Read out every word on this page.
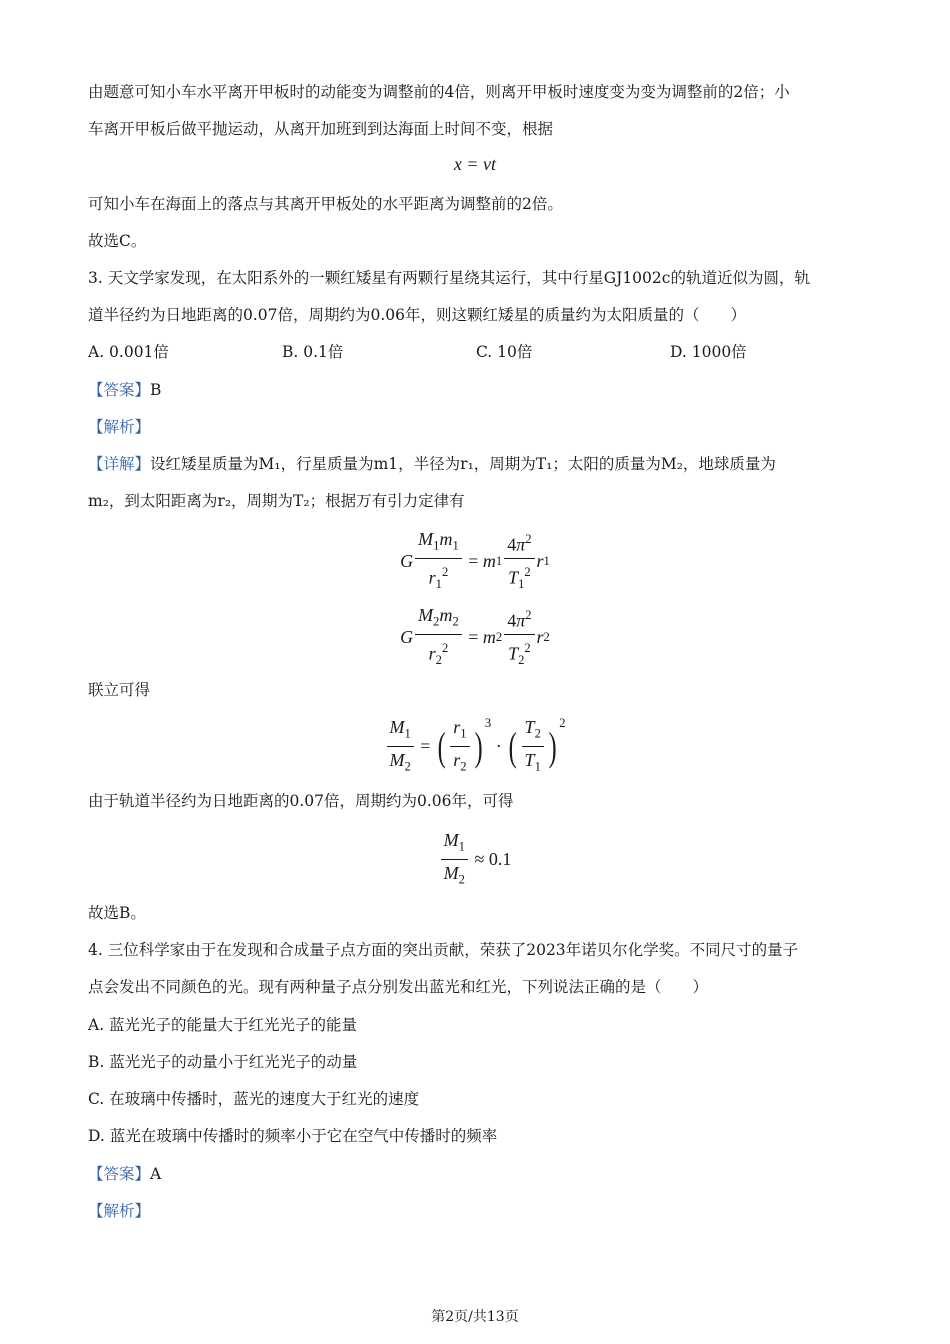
由题意可知小车水平离开甲板时的动能变为调整前的4倍，则离开甲板时速度变为变为调整前的2倍；小
车离开甲板后做平抛运动，从离开加班到到达海面上时间不变，根据
x = vt
可知小车在海面上的落点与其离开甲板处的水平距离为调整前的2倍。
故选C。
3. 天文学家发现，在太阳系外的一颗红矮星有两颗行星绕其运行，其中行星GJ1002c的轨道近似为圆，轨
道半径约为日地距离的0.07倍，周期约为0.06年，则这颗红矮星的质量约为太阳质量的（　　）
A. 0.001倍	B. 0.1倍	C. 10倍	D. 1000倍
【答案】B
【解析】
【详解】设红矮星质量为M₁，行星质量为m1，半径为r₁，周期为T₁；太阳的质量为M₂，地球质量为
m₂，到太阳距离为r₂，周期为T₂；根据万有引力定律有
G $\frac{M_1m_1}{r_1^2} = m$ $1 \frac{4\pi^2}{T_1^2}$ r 1
G $\frac{M_2m_2}{r_2^2} = m$ $2 \frac{4\pi^2}{T_2^2}$ r 2
联立可得
$\frac{M_1}{M_2}$ = ( $\frac{r_1}{r_2}$ )
$^3$
· ( $\frac{T_2}{T_1}$ )
$^2$
由于轨道半径约为日地距离的0.07倍，周期约为0.06年，可得
$\frac{M_1}{M_2}$
≈ 0.1
故选B。
4. 三位科学家由于在发现和合成量子点方面的突出贡献，荣获了2023年诺贝尔化学奖。不同尺寸的量子
点会发出不同颜色的光。现有两种量子点分别发出蓝光和红光，下列说法正确的是（　　）
A. 蓝光光子的能量大于红光光子的能量
B. 蓝光光子的动量小于红光光子的动量
C. 在玻璃中传播时，蓝光的速度大于红光的速度
D. 蓝光在玻璃中传播时的频率小于它在空气中传播时的频率
【答案】A
【解析】
第2页/共13页
